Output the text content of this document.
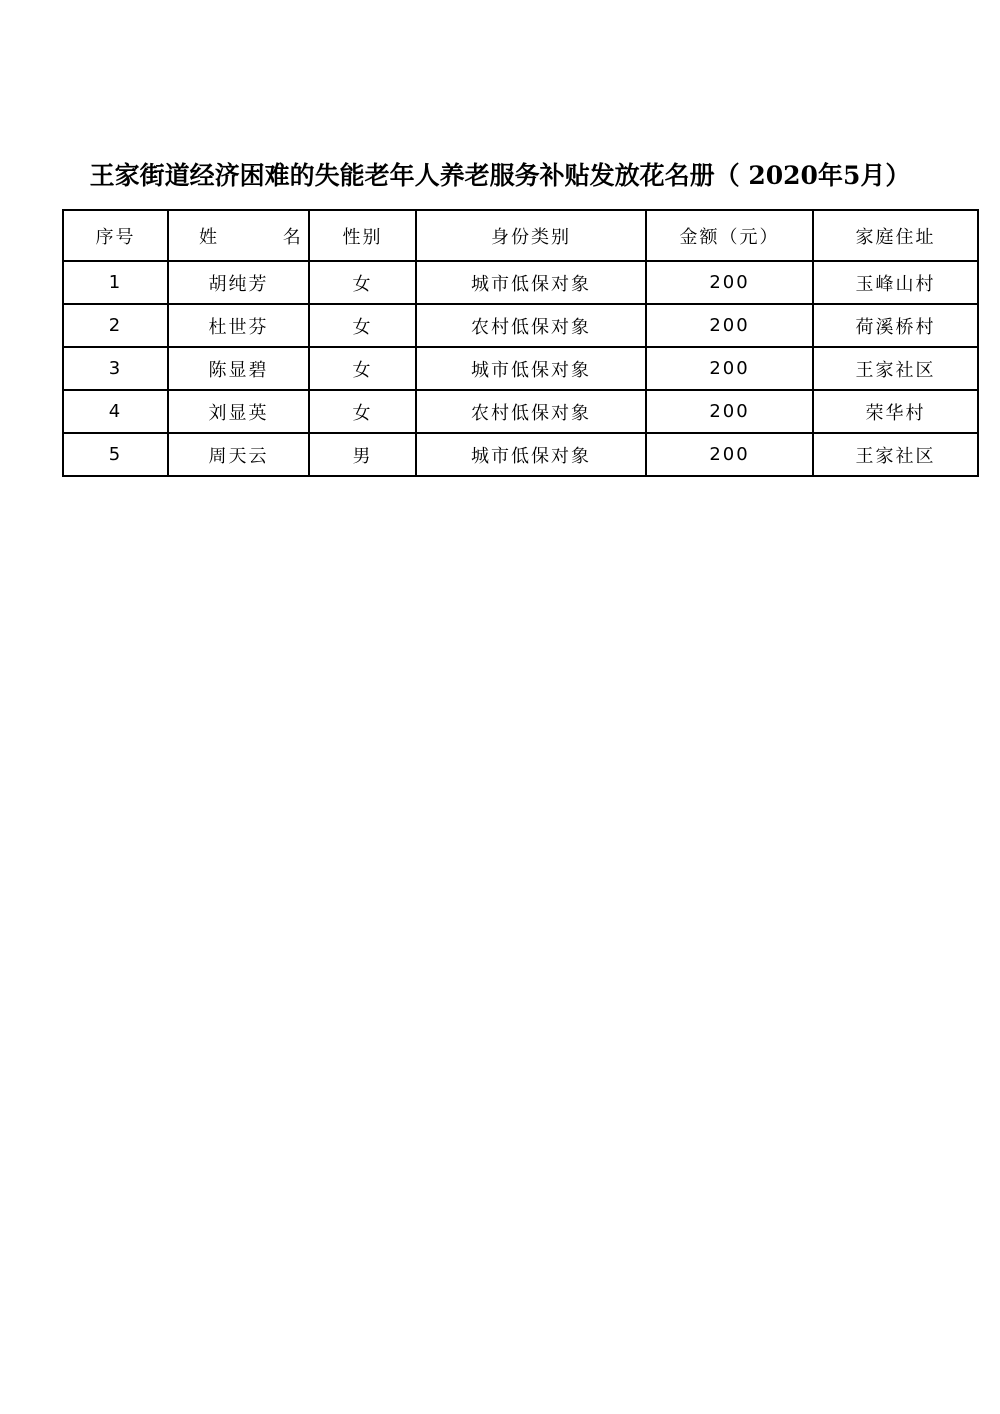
王家街道经济困难的失能老年人养老服务补贴发放花名册（ 2020年5月）
序号	姓 名	性别	身份类别	金额（元）	家庭住址
1	胡纯芳	女	城市低保对象	200	玉峰山村
2	杜世芬	女	农村低保对象	200	荷溪桥村
3	陈显碧	女	城市低保对象	200	王家社区
4	刘显英	女	农村低保对象	200	荣华村
5	周天云	男	城市低保对象	200	王家社区
